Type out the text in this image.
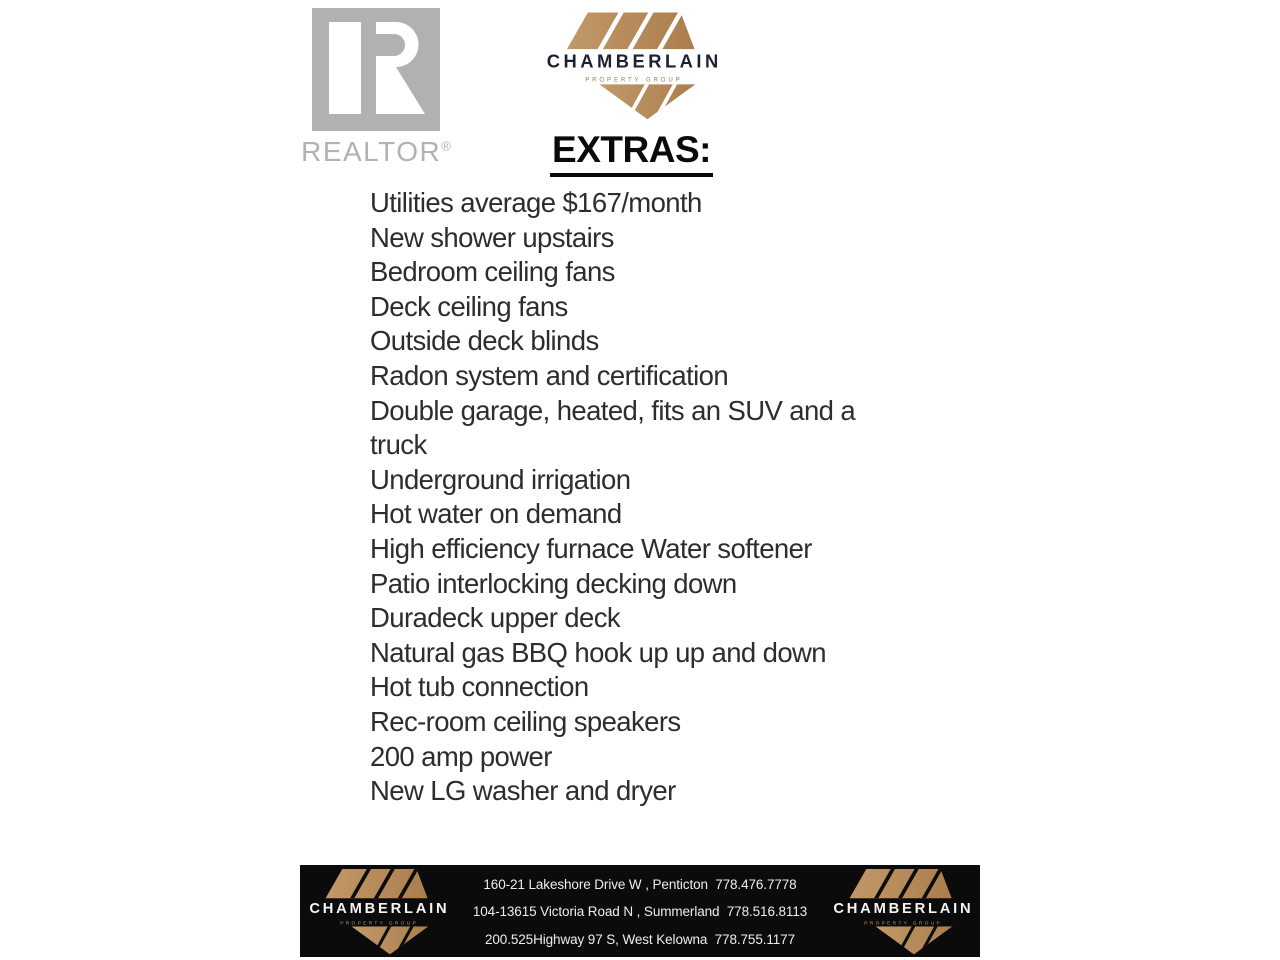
REALTOR®
CHAMBERLAIN
PROPERTY GROUP
EXTRAS:
Utilities average $167/month
New shower upstairs
Bedroom ceiling fans
Deck ceiling fans
Outside deck blinds
Radon system and certification
Double garage, heated, fits an SUV and a
truck
Underground irrigation
Hot water on demand
High efficiency furnace Water softener
Patio interlocking decking down
Duradeck upper deck
Natural gas BBQ hook up up and down
Hot tub connection
Rec-room ceiling speakers
200 amp power
New LG washer and dryer
CHAMBERLAIN
PROPERTY GROUP
160-21 Lakeshore Drive W , Penticton  778.476.7778
104-13615 Victoria Road N , Summerland  778.516.8113
200.525Highway 97 S, West Kelowna  778.755.1177
CHAMBERLAIN
PROPERTY GROUP
